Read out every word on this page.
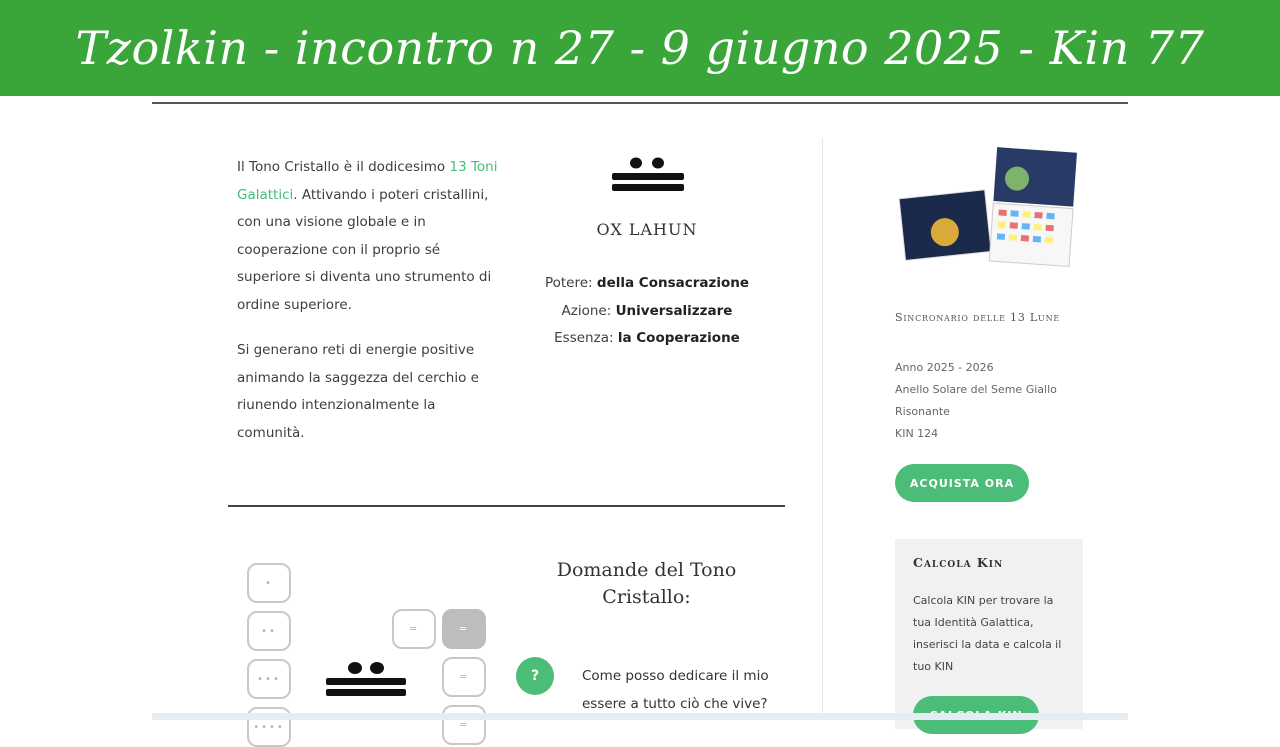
Tzolkin - incontro n 27 - 9 giugno 2025 - Kin 77

Il Tono Cristallo è il dodicesimo 13 Toni Galattici. Attivando i poteri cristallini, con una visione globale e in cooperazione con il proprio sé superiore si diventa uno strumento di ordine superiore.

Si generano reti di energie positive animando la saggezza del cerchio e riunendo intenzionalmente la comunità.

OX LAHUN
Potere: della Consacrazione
Azione: Universalizzare
Essenza: la Cooperazione
•
••
•••
••••
═	═
═
═
Domande del Tono Cristallo:
?	Come posso dedicare il mio essere a tutto ciò che vive?
Sincronario delle 13 Lune
Anno 2025 - 2026
Anello Solare del Seme Giallo
Risonante
KIN 124
ACQUISTA ORA
Calcola Kin
Calcola KIN per trovare la tua Identità Galattica, inserisci la data e calcola il tuo KIN
